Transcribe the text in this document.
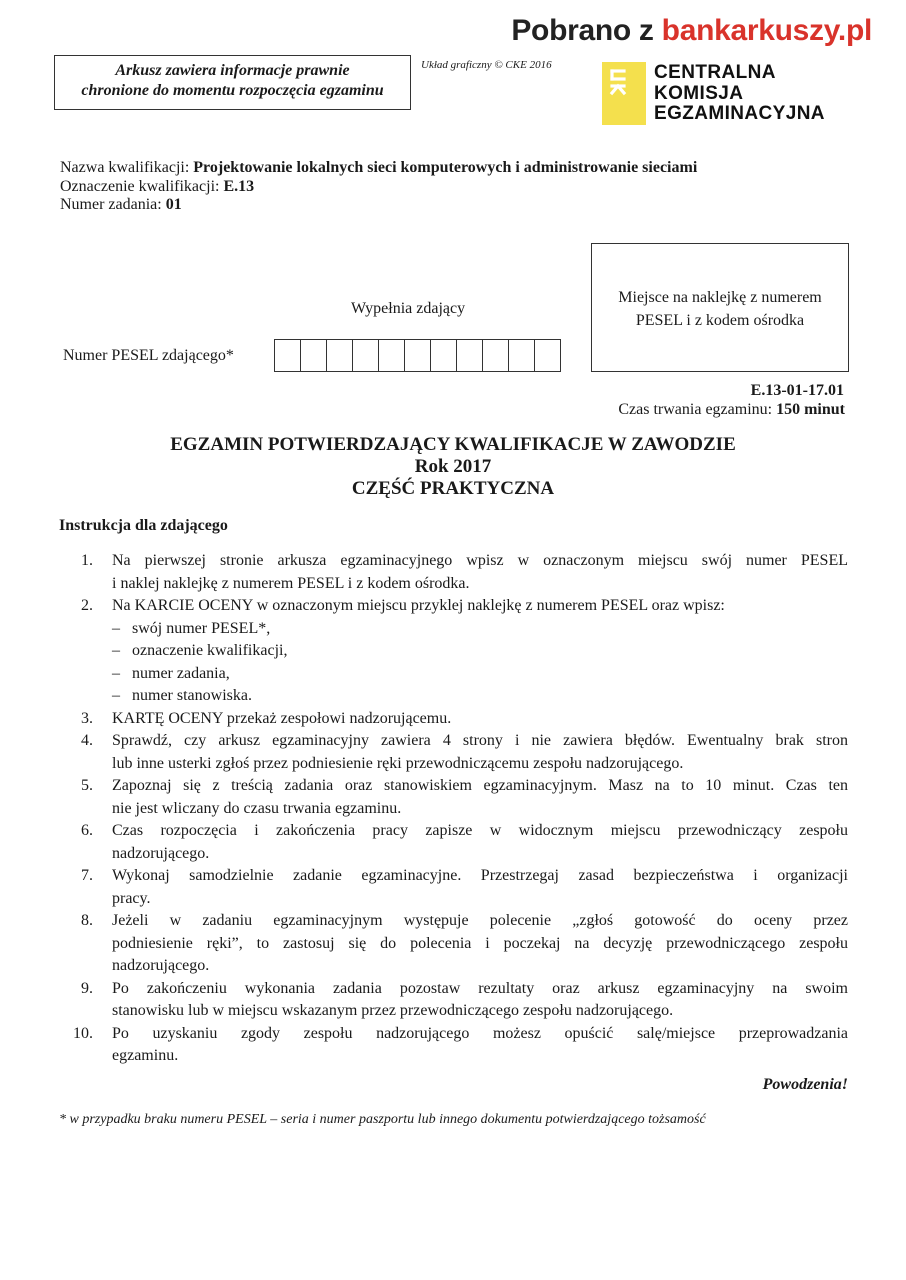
Pobrano z bankarkuszy.pl
Arkusz zawiera informacje prawnie
chronione do momentu rozpoczęcia egzaminu
Układ graficzny © CKE 2016	CENTRALNA
KOMISJA
EGZAMINACYJNA
Nazwa kwalifikacji: Projektowanie lokalnych sieci komputerowych i administrowanie sieciami
Oznaczenie kwalifikacji: E.13
Numer zadania: 01
Miejsce na naklejkę z numerem
PESEL i z kodem ośrodka
Wypełnia zdający
Numer PESEL zdającego*
E.13-01-17.01
Czas trwania egzaminu: 150 minut
EGZAMIN POTWIERDZAJĄCY KWALIFIKACJE W ZAWODZIE
Rok 2017
CZĘŚĆ PRAKTYCZNA
Instrukcja dla zdającego
1. Na pierwszej stronie arkusza egzaminacyjnego wpisz w oznaczonym miejscu swój numer PESEL
i naklej naklejkę z numerem PESEL i z kodem ośrodka.
2. Na KARCIE OCENY w oznaczonym miejscu przyklej naklejkę z numerem PESEL oraz wpisz:
– swój numer PESEL*,
– oznaczenie kwalifikacji,
– numer zadania,
– numer stanowiska.
3. KARTĘ OCENY przekaż zespołowi nadzorującemu.
4. Sprawdź, czy arkusz egzaminacyjny zawiera 4 strony i nie zawiera błędów. Ewentualny brak stron
lub inne usterki zgłoś przez podniesienie ręki przewodniczącemu zespołu nadzorującego.
5. Zapoznaj się z treścią zadania oraz stanowiskiem egzaminacyjnym. Masz na to 10 minut. Czas ten
nie jest wliczany do czasu trwania egzaminu.
6. Czas rozpoczęcia i zakończenia pracy zapisze w widocznym miejscu przewodniczący zespołu
nadzorującego.
7. Wykonaj samodzielnie zadanie egzaminacyjne. Przestrzegaj zasad bezpieczeństwa i organizacji
pracy.
8. Jeżeli w zadaniu egzaminacyjnym występuje polecenie „zgłoś gotowość do oceny przez
podniesienie ręki”, to zastosuj się do polecenia i poczekaj na decyzję przewodniczącego zespołu
nadzorującego.
9. Po zakończeniu wykonania zadania pozostaw rezultaty oraz arkusz egzaminacyjny na swoim
stanowisku lub w miejscu wskazanym przez przewodniczącego zespołu nadzorującego.
10. Po uzyskaniu zgody zespołu nadzorującego możesz opuścić salę/miejsce przeprowadzania
egzaminu.
Powodzenia!
* w przypadku braku numeru PESEL – seria i numer paszportu lub innego dokumentu potwierdzającego tożsamość
